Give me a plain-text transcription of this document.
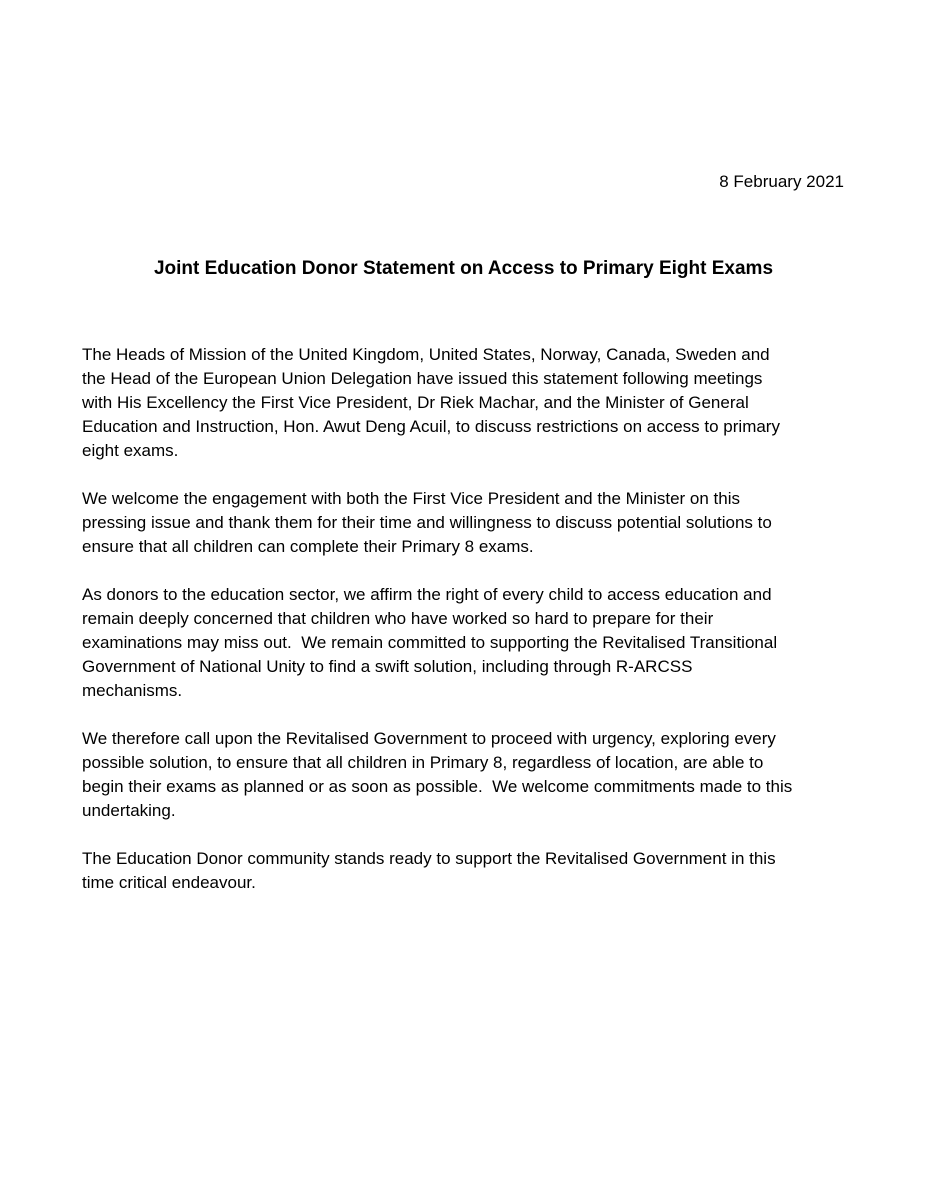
8 February 2021
Joint Education Donor Statement on Access to Primary Eight Exams

The Heads of Mission of the United Kingdom, United States, Norway, Canada, Sweden and
the Head of the European Union Delegation have issued this statement following meetings
with His Excellency the First Vice President, Dr Riek Machar, and the Minister of General
Education and Instruction, Hon. Awut Deng Acuil, to discuss restrictions on access to primary
eight exams.

We welcome the engagement with both the First Vice President and the Minister on this
pressing issue and thank them for their time and willingness to discuss potential solutions to
ensure that all children can complete their Primary 8 exams.

As donors to the education sector, we affirm the right of every child to access education and
remain deeply concerned that children who have worked so hard to prepare for their
examinations may miss out.  We remain committed to supporting the Revitalised Transitional
Government of National Unity to find a swift solution, including through R-ARCSS
mechanisms.

We therefore call upon the Revitalised Government to proceed with urgency, exploring every
possible solution, to ensure that all children in Primary 8, regardless of location, are able to
begin their exams as planned or as soon as possible.  We welcome commitments made to this
undertaking.

The Education Donor community stands ready to support the Revitalised Government in this
time critical endeavour.
